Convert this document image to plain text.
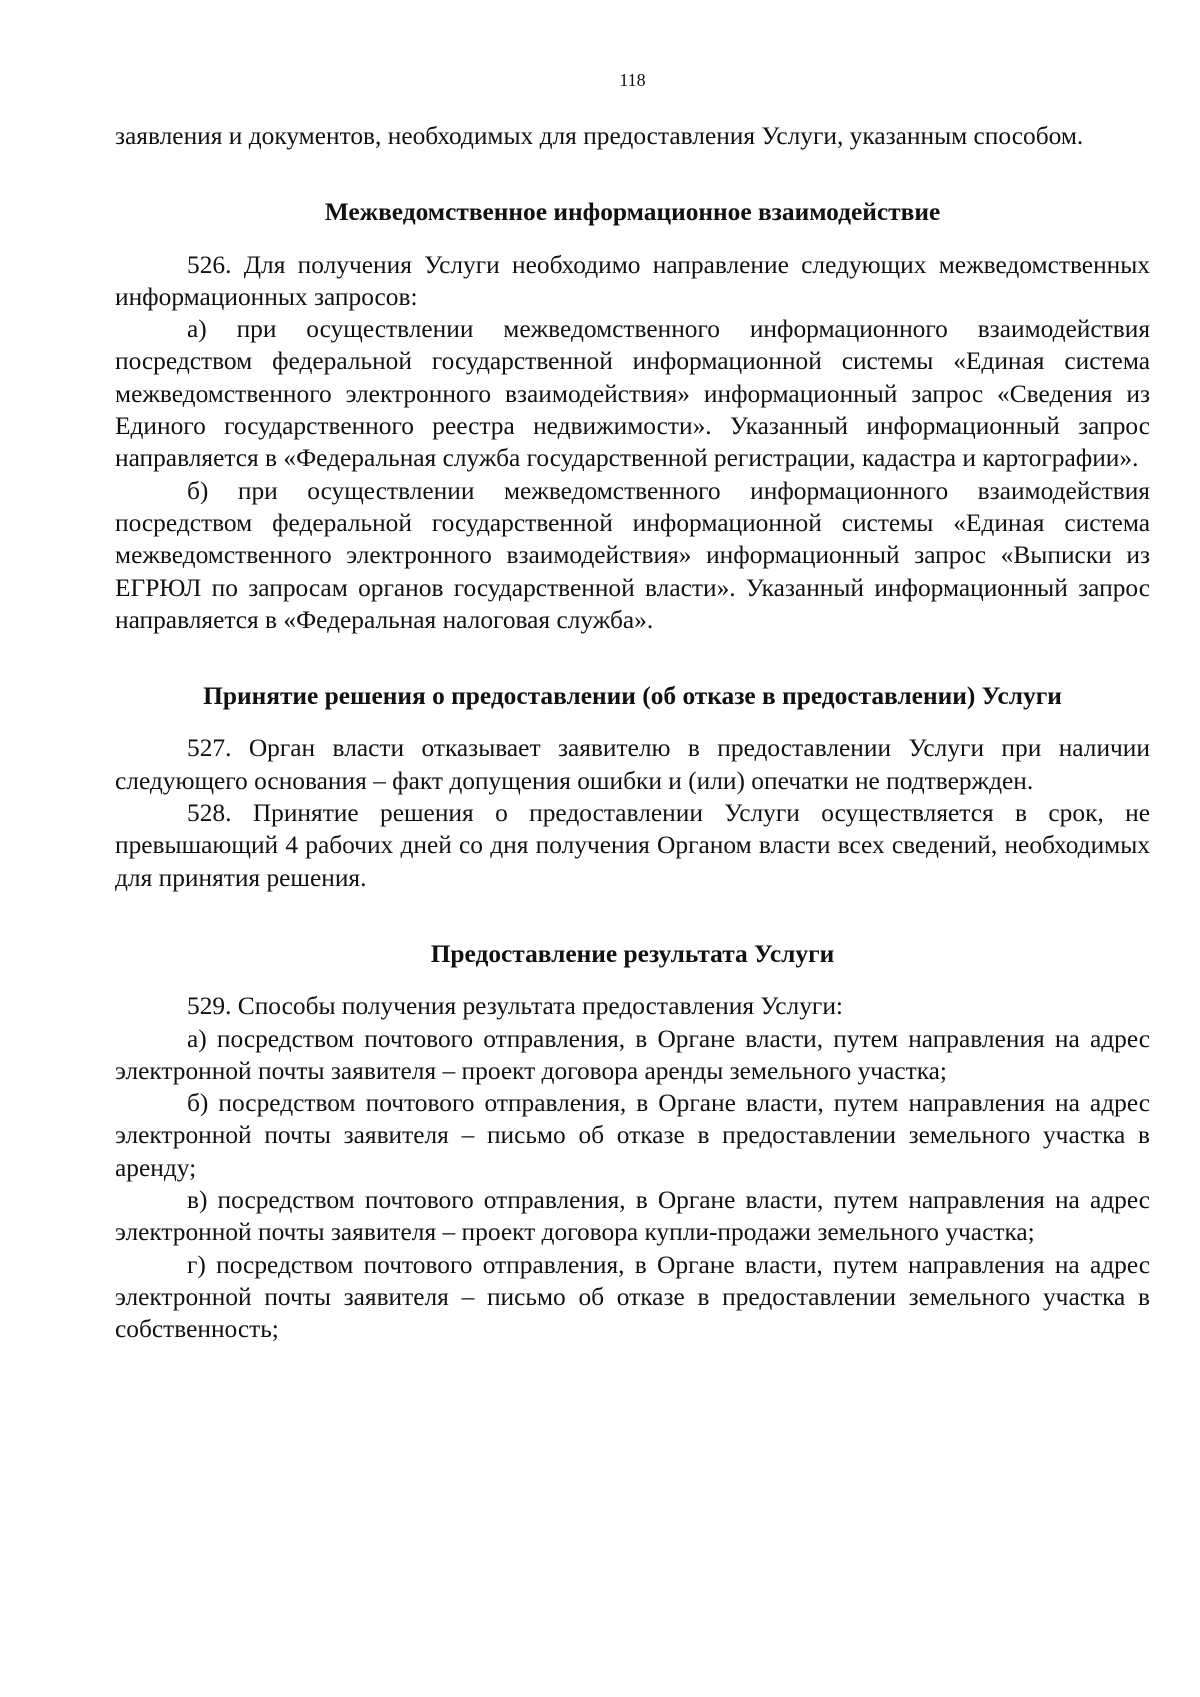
118

заявления и документов, необходимых для предоставления Услуги, указанным способом.

Межведомственное информационное взаимодействие

526. Для получения Услуги необходимо направление следующих межведомственных информационных запросов:

а) при осуществлении межведомственного информационного взаимодействия посредством федеральной государственной информационной системы «Единая система межведомственного электронного взаимодействия» информационный запрос «Сведения из Единого государственного реестра недвижимости». Указанный информационный запрос направляется в «Федеральная служба государственной регистрации, кадастра и картографии».

б) при осуществлении межведомственного информационного взаимодействия посредством федеральной государственной информационной системы «Единая система межведомственного электронного взаимодействия» информационный запрос «Выписки из ЕГРЮЛ по запросам органов государственной власти». Указанный информационный запрос направляется в «Федеральная налоговая служба».

Принятие решения о предоставлении (об отказе в предоставлении) Услуги

527. Орган власти отказывает заявителю в предоставлении Услуги при наличии следующего основания – факт допущения ошибки и (или) опечатки не подтвержден.

528. Принятие решения о предоставлении Услуги осуществляется в срок, не превышающий 4 рабочих дней со дня получения Органом власти всех сведений, необходимых для принятия решения.

Предоставление результата Услуги

529. Способы получения результата предоставления Услуги:

а) посредством почтового отправления, в Органе власти, путем направления на адрес электронной почты заявителя – проект договора аренды земельного участка;

б) посредством почтового отправления, в Органе власти, путем направления на адрес электронной почты заявителя – письмо об отказе в предоставлении земельного участка в аренду;

в) посредством почтового отправления, в Органе власти, путем направления на адрес электронной почты заявителя – проект договора купли-продажи земельного участка;

г) посредством почтового отправления, в Органе власти, путем направления на адрес электронной почты заявителя – письмо об отказе в предоставлении земельного участка в собственность;
